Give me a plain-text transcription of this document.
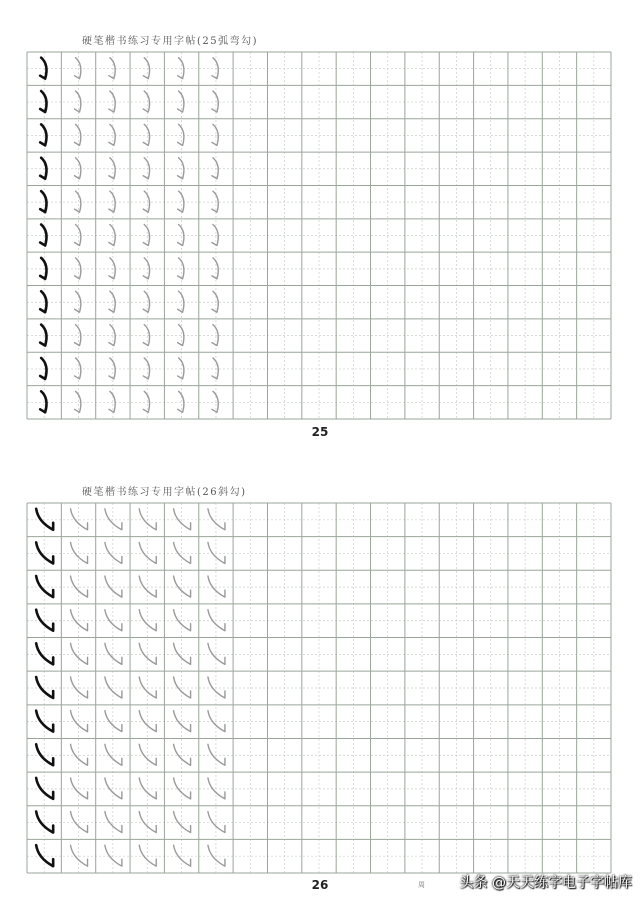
硬笔楷书练习专用字帖(25弧弯勾)
25
硬笔楷书练习专用字帖(26斜勾)
26	周 头条 @天天练字电子字帖库
